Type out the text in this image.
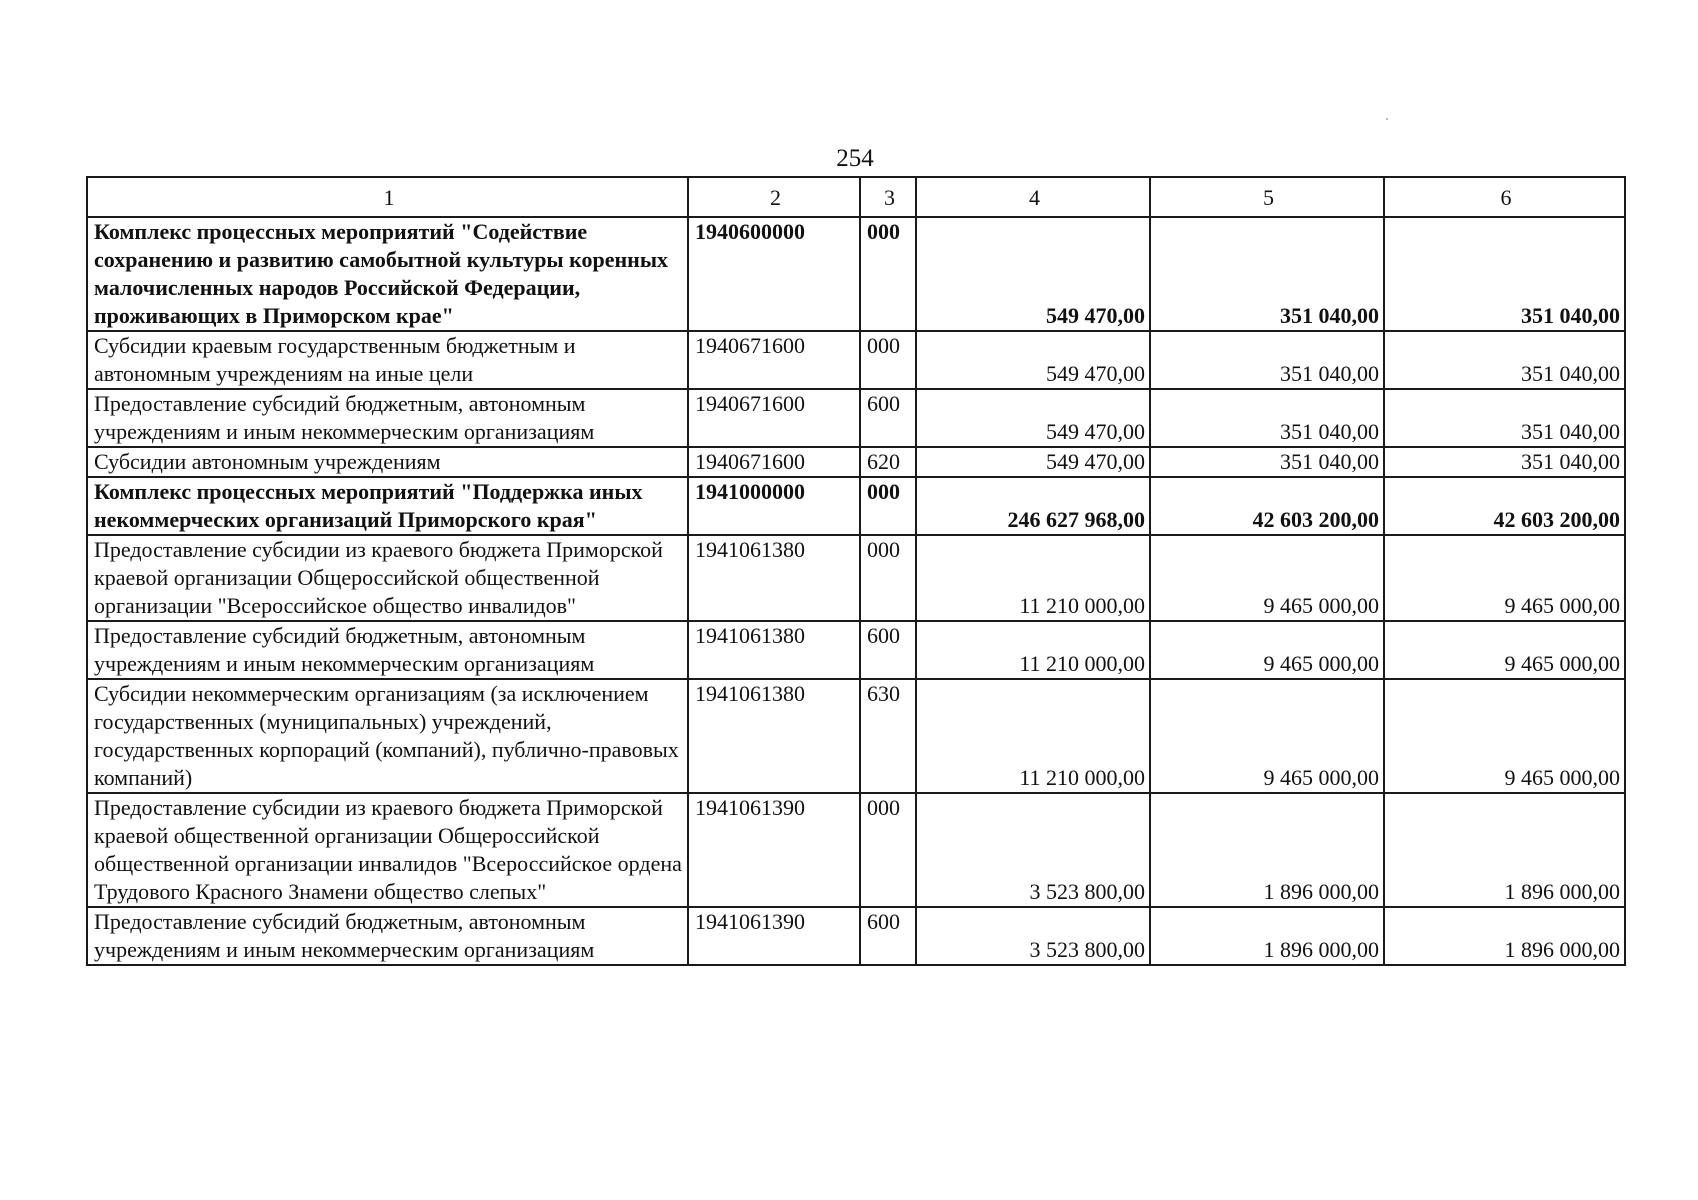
254
1	2	3	4	5	6
Комплекс процессных мероприятий "Содействие сохранению и развитию самобытной культуры коренных малочисленных народов Российской Федерации, проживающих в Приморском крае"	1940600000	000	549 470,00	351 040,00	351 040,00
Субсидии краевым государственным бюджетным и автономным учреждениям на иные цели	1940671600	000	549 470,00	351 040,00	351 040,00
Предоставление субсидий бюджетным, автономным учреждениям и иным некоммерческим организациям	1940671600	600	549 470,00	351 040,00	351 040,00
Субсидии автономным учреждениям	1940671600	620	549 470,00	351 040,00	351 040,00
Комплекс процессных мероприятий "Поддержка иных некоммерческих организаций Приморского края"	1941000000	000	246 627 968,00	42 603 200,00	42 603 200,00
Предоставление субсидии из краевого бюджета Приморской краевой организации Общероссийской общественной организации "Всероссийское общество инвалидов"	1941061380	000	11 210 000,00	9 465 000,00	9 465 000,00
Предоставление субсидий бюджетным, автономным учреждениям и иным некоммерческим организациям	1941061380	600	11 210 000,00	9 465 000,00	9 465 000,00
Субсидии некоммерческим организациям (за исключением государственных (муниципальных) учреждений, государственных корпораций (компаний), публично-правовых компаний)	1941061380	630	11 210 000,00	9 465 000,00	9 465 000,00
Предоставление субсидии из краевого бюджета Приморской краевой общественной организации Общероссийской общественной организации инвалидов "Всероссийское ордена Трудового Красного Знамени общество слепых"	1941061390	000	3 523 800,00	1 896 000,00	1 896 000,00
Предоставление субсидий бюджетным, автономным учреждениям и иным некоммерческим организациям	1941061390	600	3 523 800,00	1 896 000,00	1 896 000,00
